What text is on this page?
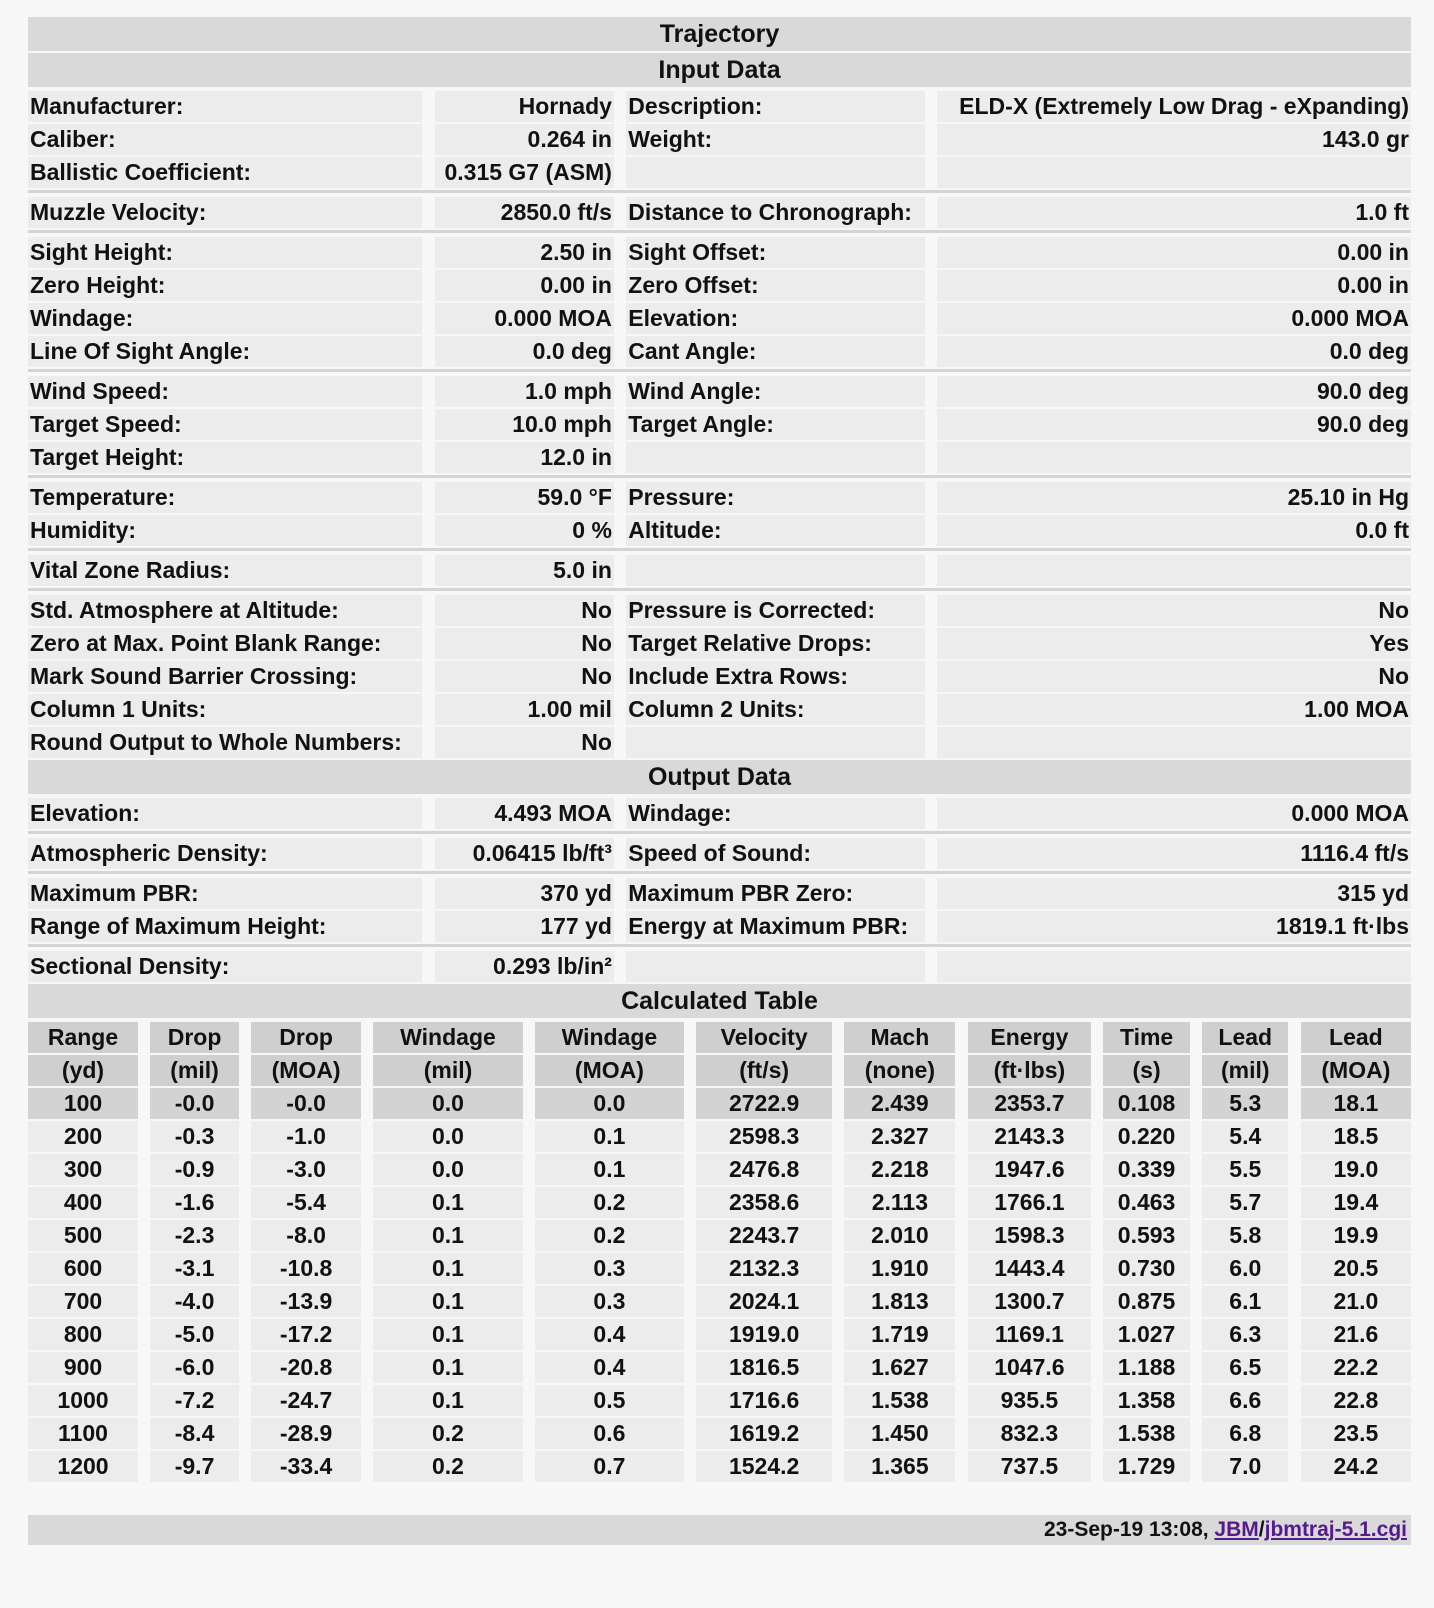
Trajectory
Input Data
Manufacturer:		Hornady		Description:		ELD-X (Extremely Low Drag - eXpanding)
Caliber:		0.264 in		Weight:		143.0 gr
Ballistic Coefficient:		0.315 G7 (ASM)				

Muzzle Velocity:		2850.0 ft/s		Distance to Chronograph:		1.0 ft

Sight Height:		2.50 in		Sight Offset:		0.00 in
Zero Height:		0.00 in		Zero Offset:		0.00 in
Windage:		0.000 MOA		Elevation:		0.000 MOA
Line Of Sight Angle:		0.0 deg		Cant Angle:		0.0 deg

Wind Speed:		1.0 mph		Wind Angle:		90.0 deg
Target Speed:		10.0 mph		Target Angle:		90.0 deg
Target Height:		12.0 in				

Temperature:		59.0 °F		Pressure:		25.10 in Hg
Humidity:		0 %		Altitude:		0.0 ft

Vital Zone Radius:		5.0 in				

Std. Atmosphere at Altitude:		No		Pressure is Corrected:		No
Zero at Max. Point Blank Range:		No		Target Relative Drops:		Yes
Mark Sound Barrier Crossing:		No		Include Extra Rows:		No
Column 1 Units:		1.00 mil		Column 2 Units:		1.00 MOA
Round Output to Whole Numbers:		No				
Output Data
Elevation:		4.493 MOA		Windage:		0.000 MOA

Atmospheric Density:		0.06415 lb/ft³		Speed of Sound:		1116.4 ft/s

Maximum PBR:		370 yd		Maximum PBR Zero:		315 yd
Range of Maximum Height:		177 yd		Energy at Maximum PBR:		1819.1 ft·lbs

Sectional Density:		0.293 lb/in²				
Calculated Table
Range		Drop		Drop		Windage		Windage		Velocity		Mach		Energy		Time		Lead		Lead
(yd)		(mil)		(MOA)		(mil)		(MOA)		(ft/s)		(none)		(ft·lbs)		(s)		(mil)		(MOA)
100		-0.0		-0.0		0.0		0.0		2722.9		2.439		2353.7		0.108		5.3		18.1
200		-0.3		-1.0		0.0		0.1		2598.3		2.327		2143.3		0.220		5.4		18.5
300		-0.9		-3.0		0.0		0.1		2476.8		2.218		1947.6		0.339		5.5		19.0
400		-1.6		-5.4		0.1		0.2		2358.6		2.113		1766.1		0.463		5.7		19.4
500		-2.3		-8.0		0.1		0.2		2243.7		2.010		1598.3		0.593		5.8		19.9
600		-3.1		-10.8		0.1		0.3		2132.3		1.910		1443.4		0.730		6.0		20.5
700		-4.0		-13.9		0.1		0.3		2024.1		1.813		1300.7		0.875		6.1		21.0
800		-5.0		-17.2		0.1		0.4		1919.0		1.719		1169.1		1.027		6.3		21.6
900		-6.0		-20.8		0.1		0.4		1816.5		1.627		1047.6		1.188		6.5		22.2
1000		-7.2		-24.7		0.1		0.5		1716.6		1.538		935.5		1.358		6.6		22.8
1100		-8.4		-28.9		0.2		0.6		1619.2		1.450		832.3		1.538		6.8		23.5
1200		-9.7		-33.4		0.2		0.7		1524.2		1.365		737.5		1.729		7.0		24.2
23-Sep-19 13:08, JBM/jbmtraj-5.1.cgi
